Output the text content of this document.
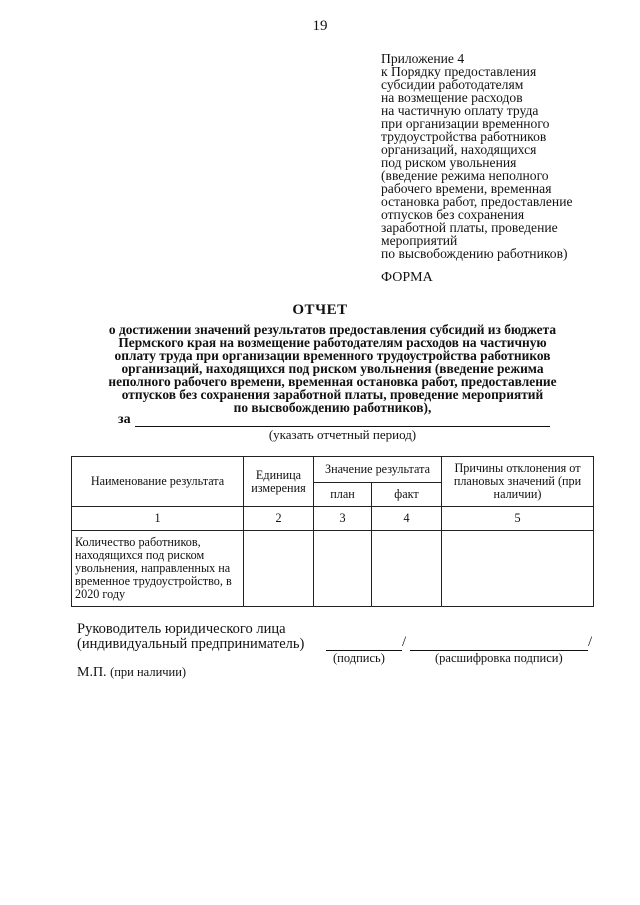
19
Приложение 4
к Порядку предоставления
субсидии работодателям
на возмещение расходов
на частичную оплату труда
при организации временного
трудоустройства работников
организаций, находящихся
под риском увольнения
(введение режима неполного
рабочего времени, временная
остановка работ, предоставление
отпусков без сохранения
заработной платы, проведение
мероприятий
по высвобождению работников)
ФОРМА
ОТЧЕТ
о достижении значений результатов предоставления субсидий из бюджета
Пермского края на возмещение работодателям расходов на частичную
оплату труда при организации временного трудоустройства работников
организаций, находящихся под риском увольнения (введение режима
неполного рабочего времени, временная остановка работ, предоставление
отпусков без сохранения заработной платы, проведение мероприятий
по высвобождению работников),
за
(указать отчетный период)
Наименование результата	Единица измерения	Значение результата		Причины отклонения от плановых значений (при наличии)
		план	факт	
1	2	3	4	5
Количество работников, находящихся под риском увольнения, направленных на временное трудоустройство, в 2020 году				
Руководитель юридического лица
(индивидуальный предприниматель)	/	/
(подпись)	(расшифровка подписи)
М.П. (при наличии)
